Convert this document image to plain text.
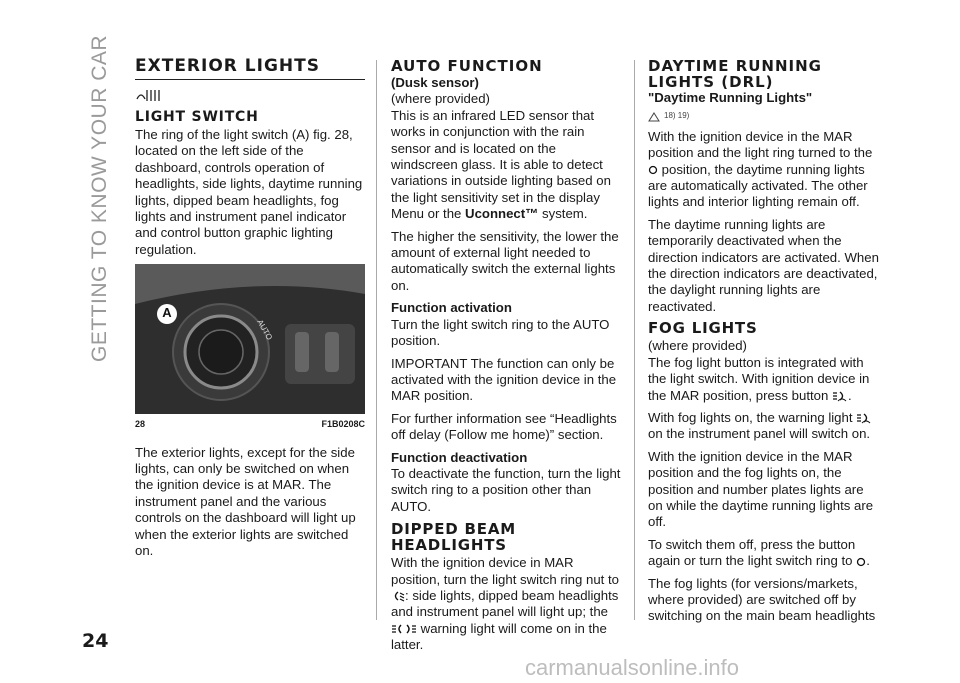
GETTING TO KNOW YOUR CAR EXTERIOR LIGHTS
LIGHT SWITCH

The ring of the light switch (A) fig. 28, located on the left side of the dashboard, controls operation of headlights, side lights, daytime running lights, dipped beam headlights, fog lights and instrument panel indicator and control button graphic lighting regulation.

A
AUTO
28	F1B0208C

The exterior lights, except for the side lights, can only be switched on when the ignition device is at MAR. The instrument panel and the various controls on the dashboard will light up when the exterior lights are switched on.

AUTO FUNCTION
(Dusk sensor)
(where provided)

This is an infrared LED sensor that works in conjunction with the rain sensor and is located on the windscreen glass. It is able to detect variations in outside lighting based on the light sensitivity set in the display Menu or the Uconnect™ system.

The higher the sensitivity, the lower the amount of external light needed to automatically switch the external lights on.

Function activation

Turn the light switch ring to the AUTO position.

IMPORTANT The function can only be activated with the ignition device in the MAR position.

For further information see “Headlights off delay (Follow me home)” section.

Function deactivation

To deactivate the function, turn the light switch ring to a position other than AUTO.

DIPPED BEAM HEADLIGHTS

With the ignition device in MAR position, turn the light switch ring nut to : side lights, dipped beam headlights and instrument panel will light up; the  warning light will come on in the latter.

DAYTIME RUNNING LIGHTS (DRL)
"Daytime Running Lights"
18) 19)

With the ignition device in the MAR position and the light ring turned to the  position, the daytime running lights are automatically activated. The other lights and interior lighting remain off.

The daytime running lights are temporarily deactivated when the direction indicators are activated. When the direction indicators are deactivated, the daylight running lights are reactivated.

FOG LIGHTS
(where provided)

The fog light button is integrated with the light switch. With ignition device in the MAR position, press button .

With fog lights on, the warning light  on the instrument panel will switch on.

With the ignition device in the MAR position and the fog lights on, the position and number plates lights are on while the daytime running lights are off.

To switch them off, press the button again or turn the light switch ring to .

The fog lights (for versions/markets, where provided) are switched off by switching on the main beam headlights

24
carmanualsonline.info
